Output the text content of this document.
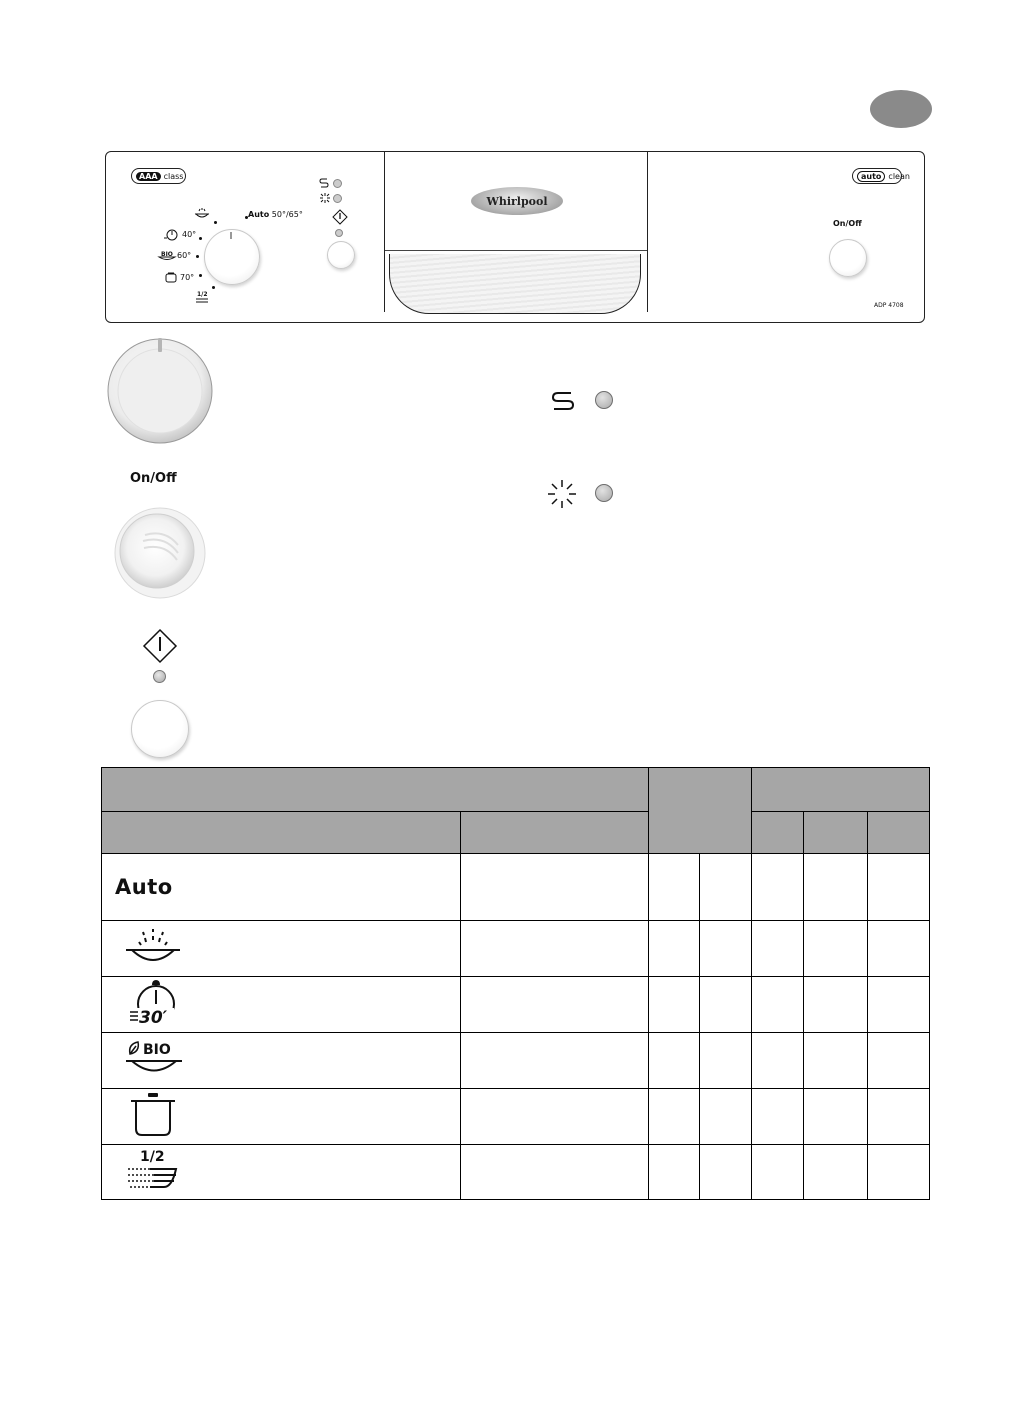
AAA class
40°
BIO 60°
70°
1/2
Auto 50°/65°
Whirlpool
auto clean
On/Off
ADP 4708
On/Off

Auto						

30′						

BIO						

1/2						
